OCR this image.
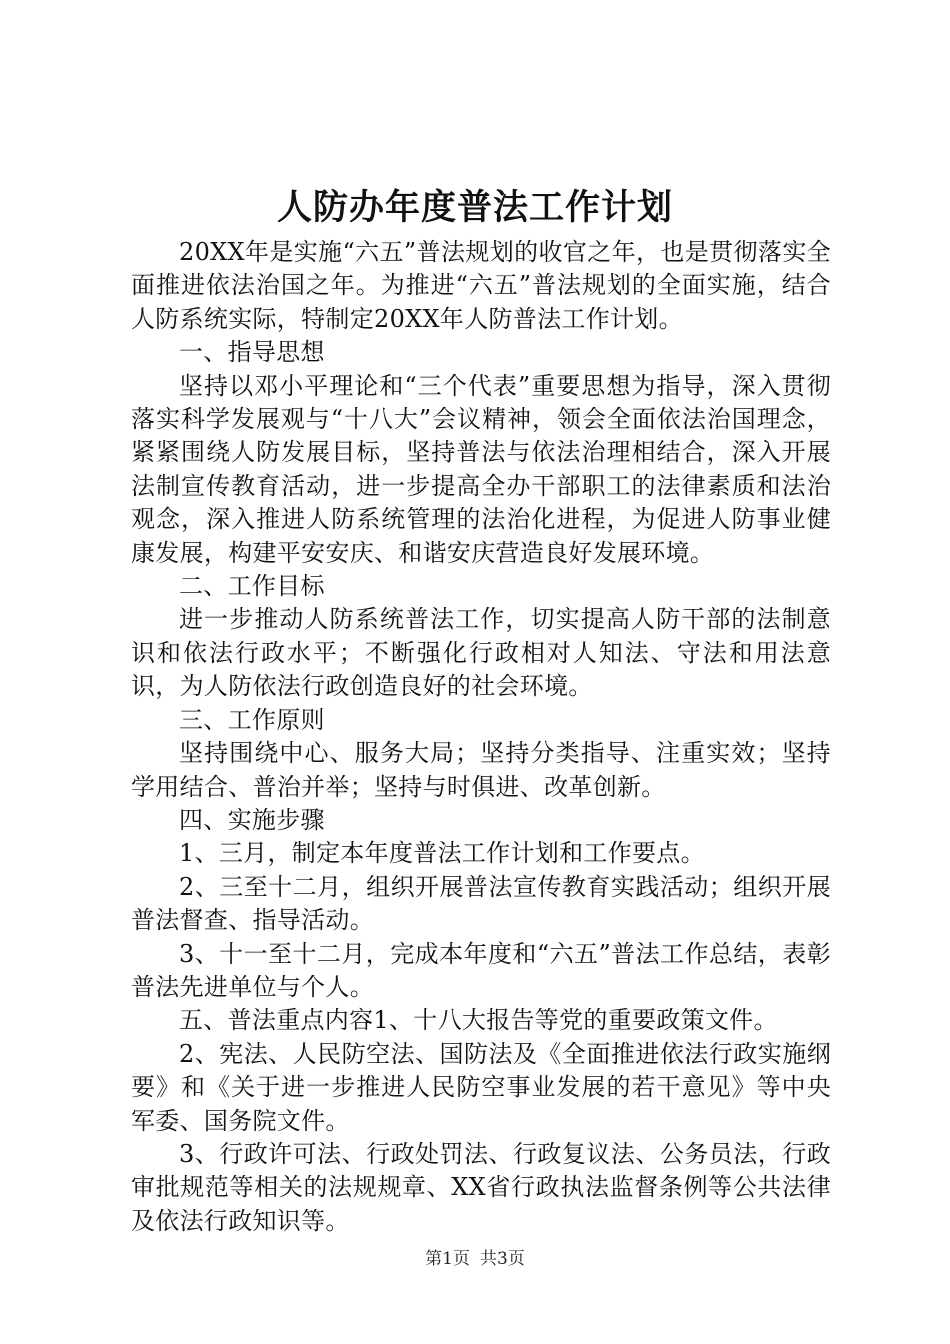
人防办年度普法工作计划

20XX年是实施“六五”普法规划的收官之年，也是贯彻落实全面推进依法治国之年。为推进“六五”普法规划的全面实施，结合人防系统实际，特制定20XX年人防普法工作计划。

一、指导思想

坚持以邓小平理论和“三个代表”重要思想为指导，深入贯彻落实科学发展观与“十八大”会议精神，领会全面依法治国理念，紧紧围绕人防发展目标，坚持普法与依法治理相结合，深入开展法制宣传教育活动，进一步提高全办干部职工的法律素质和法治观念，深入推进人防系统管理的法治化进程，为促进人防事业健康发展，构建平安安庆、和谐安庆营造良好发展环境。

二、工作目标

进一步推动人防系统普法工作，切实提高人防干部的法制意识和依法行政水平；不断强化行政相对人知法、守法和用法意识，为人防依法行政创造良好的社会环境。

三、工作原则

坚持围绕中心、服务大局；坚持分类指导、注重实效；坚持学用结合、普治并举；坚持与时俱进、改革创新。

四、实施步骤

1、三月，制定本年度普法工作计划和工作要点。

2、三至十二月，组织开展普法宣传教育实践活动；组织开展普法督查、指导活动。

3、十一至十二月，完成本年度和“六五”普法工作总结，表彰普法先进单位与个人。

五、普法重点内容1、十八大报告等党的重要政策文件。

2、宪法、人民防空法、国防法及《全面推进依法行政实施纲要》和《关于进一步推进人民防空事业发展的若干意见》等中央军委、国务院文件。

3、行政许可法、行政处罚法、行政复议法、公务员法，行政审批规范等相关的法规规章、XX省行政执法监督条例等公共法律及依法行政知识等。

第1页 共3页
